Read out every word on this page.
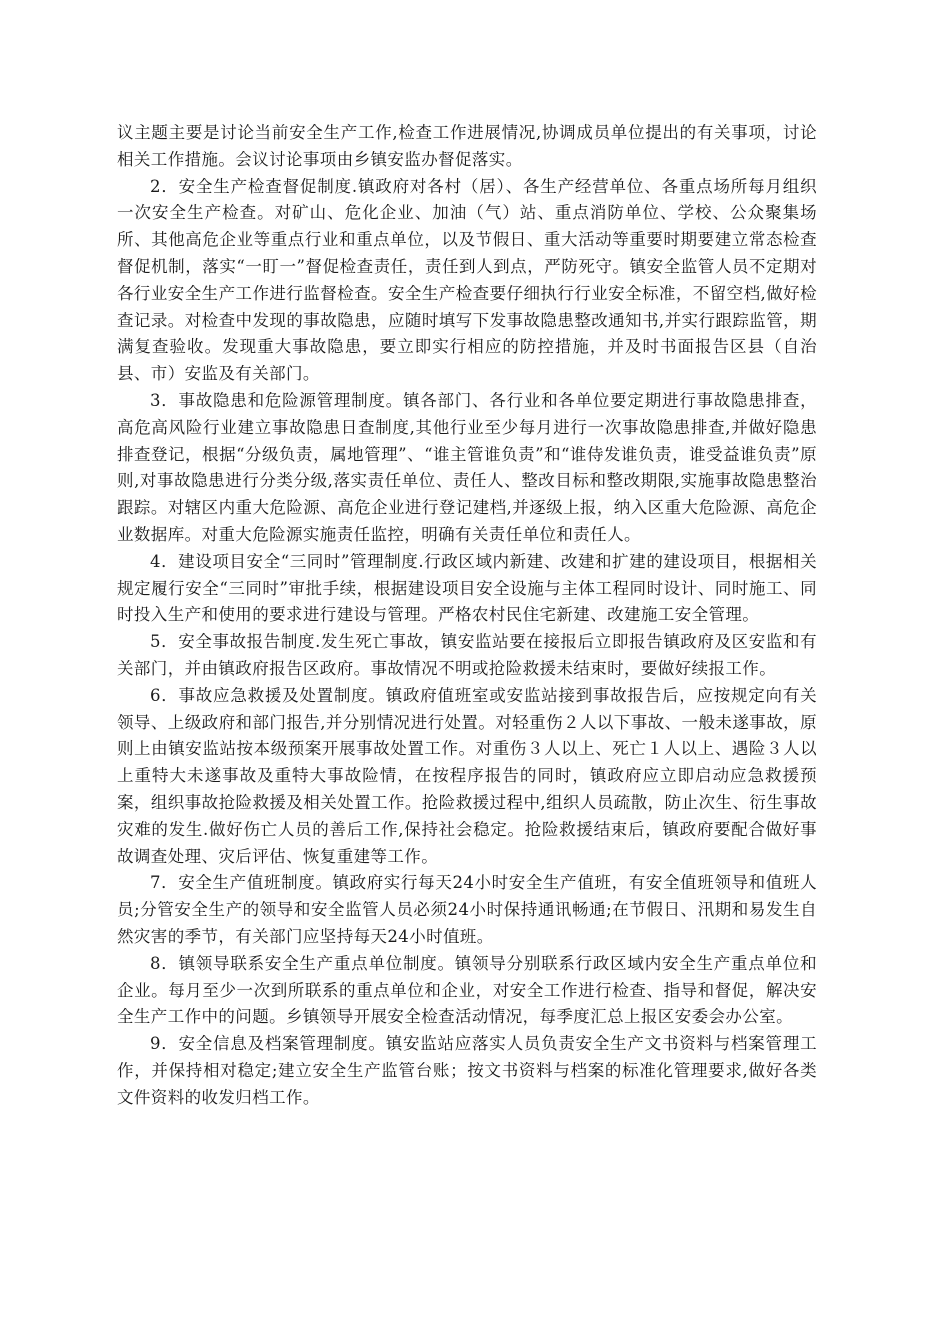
议主题主要是讨论当前安全生产工作,检查工作进展情况,协调成员单位提出的有关事项，讨论相关工作措施。会议讨论事项由乡镇安监办督促落实。

2．安全生产检查督促制度.镇政府对各村（居）、各生产经营单位、各重点场所每月组织一次安全生产检查。对矿山、危化企业、加油（气）站、重点消防单位、学校、公众聚集场所、其他高危企业等重点行业和重点单位，以及节假日、重大活动等重要时期要建立常态检查督促机制，落实“一盯一”督促检查责任，责任到人到点，严防死守。镇安全监管人员不定期对各行业安全生产工作进行监督检查。安全生产检查要仔细执行行业安全标准，不留空档,做好检查记录。对检查中发现的事故隐患，应随时填写下发事故隐患整改通知书,并实行跟踪监管，期满复查验收。发现重大事故隐患，要立即实行相应的防控措施，并及时书面报告区县（自治县、市）安监及有关部门。

3．事故隐患和危险源管理制度。镇各部门、各行业和各单位要定期进行事故隐患排查，高危高风险行业建立事故隐患日查制度,其他行业至少每月进行一次事故隐患排查,并做好隐患排查登记，根据“分级负责，属地管理”、“谁主管谁负责”和“谁侍发谁负责，谁受益谁负责”原则,对事故隐患进行分类分级,落实责任单位、责任人、整改目标和整改期限,实施事故隐患整治跟踪。对辖区内重大危险源、高危企业进行登记建档,并逐级上报，纳入区重大危险源、高危企业数据库。对重大危险源实施责任监控，明确有关责任单位和责任人。

4．建设项目安全“三同时”管理制度.行政区域内新建、改建和扩建的建设项目，根据相关规定履行安全“三同时”审批手续，根据建设项目安全设施与主体工程同时设计、同时施工、同时投入生产和使用的要求进行建设与管理。严格农村民住宅新建、改建施工安全管理。

5．安全事故报告制度.发生死亡事故，镇安监站要在接报后立即报告镇政府及区安监和有关部门，并由镇政府报告区政府。事故情况不明或抢险救援未结束时，要做好续报工作。

6．事故应急救援及处置制度。镇政府值班室或安监站接到事故报告后，应按规定向有关领导、上级政府和部门报告,并分别情况进行处置。对轻重伤２人以下事故、一般未遂事故，原则上由镇安监站按本级预案开展事故处置工作。对重伤３人以上、死亡１人以上、遇险３人以上重特大未遂事故及重特大事故险情，在按程序报告的同时，镇政府应立即启动应急救援预案，组织事故抢险救援及相关处置工作。抢险救援过程中,组织人员疏散，防止次生、衍生事故灾难的发生.做好伤亡人员的善后工作,保持社会稳定。抢险救援结束后，镇政府要配合做好事故调查处理、灾后评估、恢复重建等工作。

7．安全生产值班制度。镇政府实行每天24小时安全生产值班，有安全值班领导和值班人员;分管安全生产的领导和安全监管人员必须24小时保持通讯畅通;在节假日、汛期和易发生自然灾害的季节，有关部门应坚持每天24小时值班。

8．镇领导联系安全生产重点单位制度。镇领导分别联系行政区域内安全生产重点单位和企业。每月至少一次到所联系的重点单位和企业，对安全工作进行检查、指导和督促，解决安全生产工作中的问题。乡镇领导开展安全检查活动情况，每季度汇总上报区安委会办公室。

9．安全信息及档案管理制度。镇安监站应落实人员负责安全生产文书资料与档案管理工作，并保持相对稳定;建立安全生产监管台账；按文书资料与档案的标准化管理要求,做好各类文件资料的收发归档工作。
